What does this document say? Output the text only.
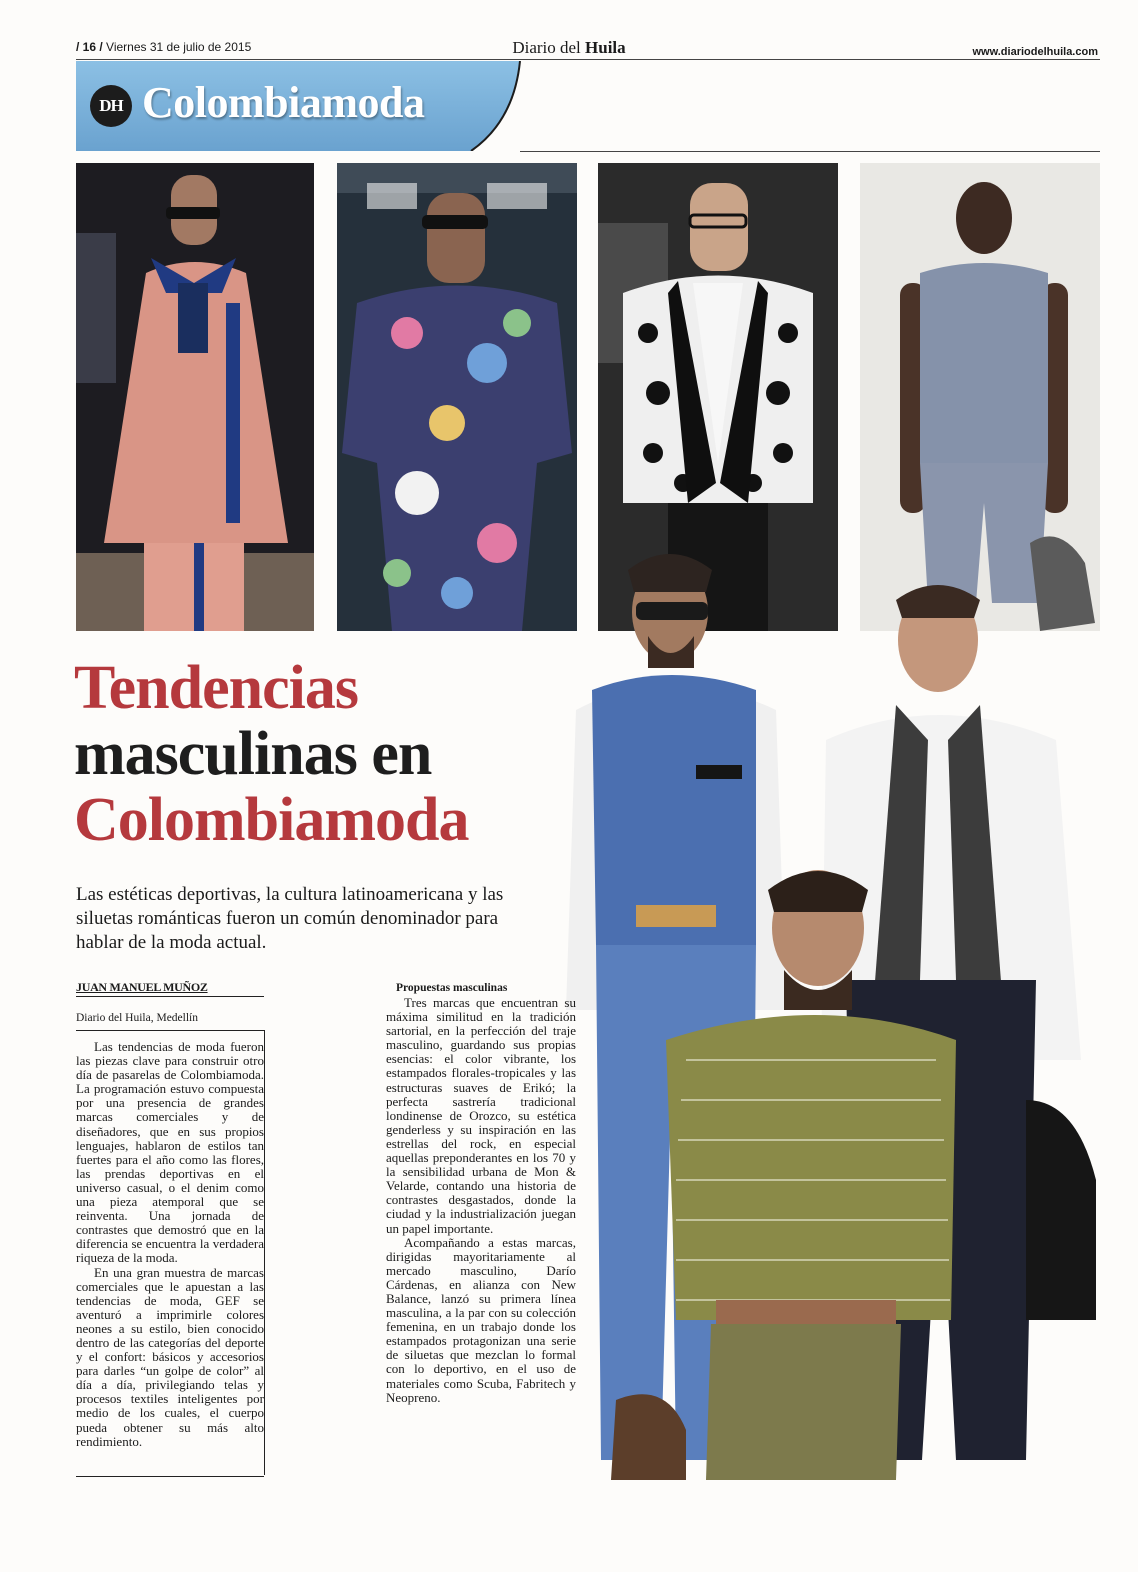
/ 16 / Viernes 31 de julio de 2015	Diario del Huila	www.diariodelhuila.com
DH Colombiamoda
Tendencias
masculinas en
Colombiamoda
Las estéticas deportivas, la cultura latinoamericana y las siluetas románticas fueron un común denominador para hablar de la moda actual.
JUAN MANUEL MUÑOZ
Diario del Huila, Medellín

Las tendencias de moda fueron las piezas clave para construir otro día de pasarelas de Colombiamoda. La programación estuvo compuesta por una presencia de grandes marcas comerciales y de diseñadores, que en sus propios lenguajes, hablaron de estilos tan fuertes para el año como las flores, las prendas deportivas en el universo casual, o el denim como una pieza atemporal que se reinventa. Una jornada de contrastes que demostró que en la diferencia se encuentra la verdadera riqueza de la moda.

En una gran muestra de marcas comerciales que le apuestan a las tendencias de moda, GEF se aventuró a imprimirle colores neones a su estilo, bien conocido dentro de las categorías del deporte y el confort: básicos y accesorios para darles “un golpe de color” al día a día, privilegiando telas y procesos textiles inteligentes por medio de los cuales, el cuerpo pueda obtener su más alto rendimiento.

Propuestas masculinas

Tres marcas que encuentran su máxima similitud en la tradición sartorial, en la perfección del traje masculino, guardando sus propias esencias: el color vibrante, los estampados florales-tropicales y las estructuras suaves de Erikó; la perfecta sastrería tradicional londinense de Orozco, su estética genderless y su inspiración en las estrellas del rock, en especial aquellas preponderantes en los 70 y la sensibilidad urbana de Mon & Velarde, contando una historia de contrastes desgastados, donde la ciudad y la industrialización juegan un papel importante.

Acompañando a estas marcas, dirigidas mayoritariamente al mercado masculino, Darío Cárdenas, en alianza con New Balance, lanzó su primera línea masculina, a la par con su colección femenina, en un trabajo donde los estampados protagonizan una serie de siluetas que mezclan lo formal con lo deportivo, en el uso de materiales como Scuba, Fabritech y Neopreno.
